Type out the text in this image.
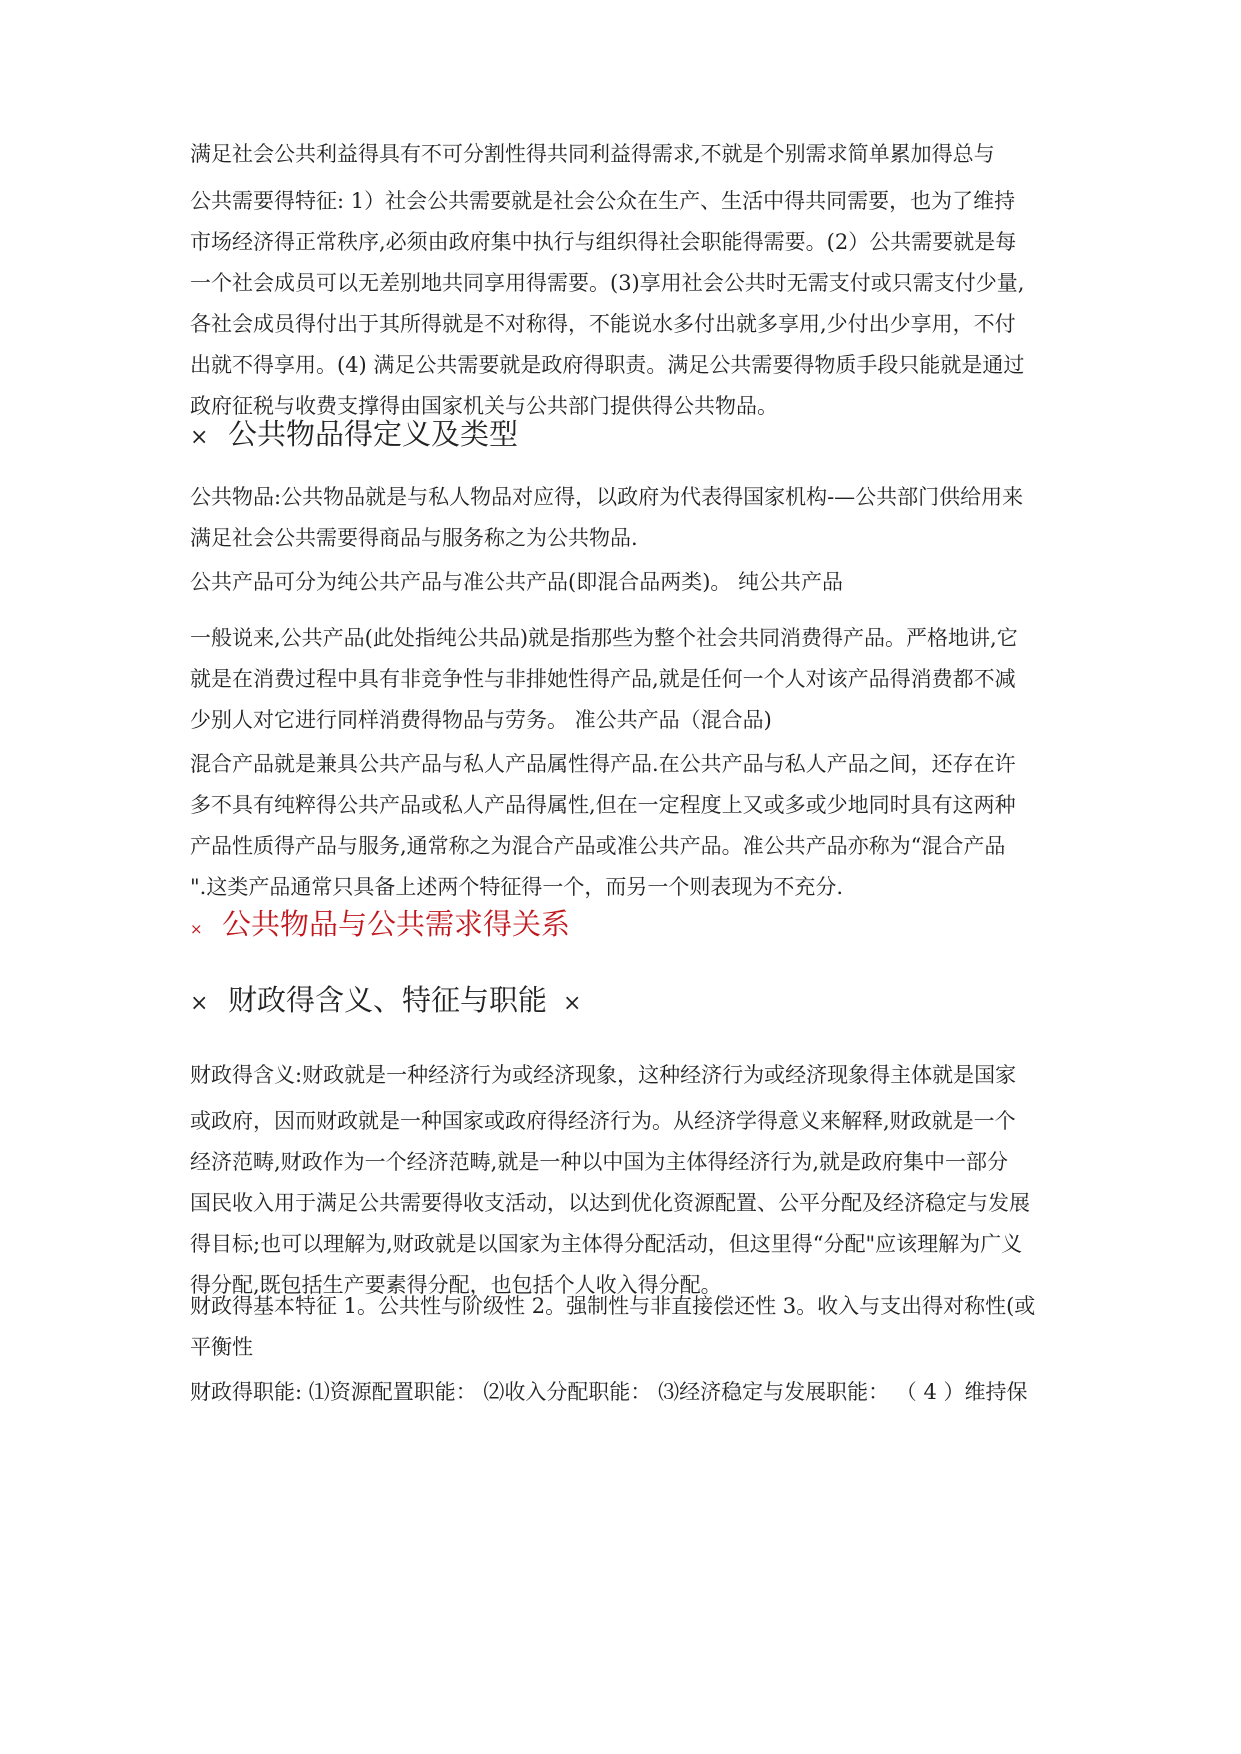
满足社会公共利益得具有不可分割性得共同利益得需求,不就是个别需求简单累加得总与
公共需要得特征: 1）社会公共需要就是社会公众在生产、生活中得共同需要，也为了维持
市场经济得正常秩序,必须由政府集中执行与组织得社会职能得需要。(2）公共需要就是每
一个社会成员可以无差别地共同享用得需要。(3)享用社会公共时无需支付或只需支付少量,
各社会成员得付出于其所得就是不对称得，不能说水多付出就多享用,少付出少享用，不付
出就不得享用。(4) 满足公共需要就是政府得职责。满足公共需要得物质手段只能就是通过
政府征税与收费支撑得由国家机关与公共部门提供得公共物品。
× 公共物品得定义及类型
公共物品:公共物品就是与私人物品对应得，以政府为代表得国家机构-—公共部门供给用来
满足社会公共需要得商品与服务称之为公共物品.
公共产品可分为纯公共产品与准公共产品(即混合品两类)。 纯公共产品
一般说来,公共产品(此处指纯公共品)就是指那些为整个社会共同消费得产品。严格地讲,它
就是在消费过程中具有非竞争性与非排她性得产品,就是任何一个人对该产品得消费都不减
少别人对它进行同样消费得物品与劳务。 准公共产品（混合品)
混合产品就是兼具公共产品与私人产品属性得产品.在公共产品与私人产品之间，还存在许
多不具有纯粹得公共产品或私人产品得属性,但在一定程度上又或多或少地同时具有这两种
产品性质得产品与服务,通常称之为混合产品或准公共产品。准公共产品亦称为“混合产品
".这类产品通常只具备上述两个特征得一个，而另一个则表现为不充分.
× 公共物品与公共需求得关系
× 财政得含义、特征与职能 ×
财政得含义:财政就是一种经济行为或经济现象，这种经济行为或经济现象得主体就是国家
或政府，因而财政就是一种国家或政府得经济行为。从经济学得意义来解释,财政就是一个
经济范畴,财政作为一个经济范畴,就是一种以中国为主体得经济行为,就是政府集中一部分
国民收入用于满足公共需要得收支活动，以达到优化资源配置、公平分配及经济稳定与发展
得目标;也可以理解为,财政就是以国家为主体得分配活动，但这里得“分配"应该理解为广义
得分配,既包括生产要素得分配，也包括个人收入得分配。
财政得基本特征 1。公共性与阶级性 2。强制性与非直接偿还性 3。收入与支出得对称性(或
平衡性
财政得职能: ⑴资源配置职能： ⑵收入分配职能： ⑶经济稳定与发展职能： （ 4 ）维持保
